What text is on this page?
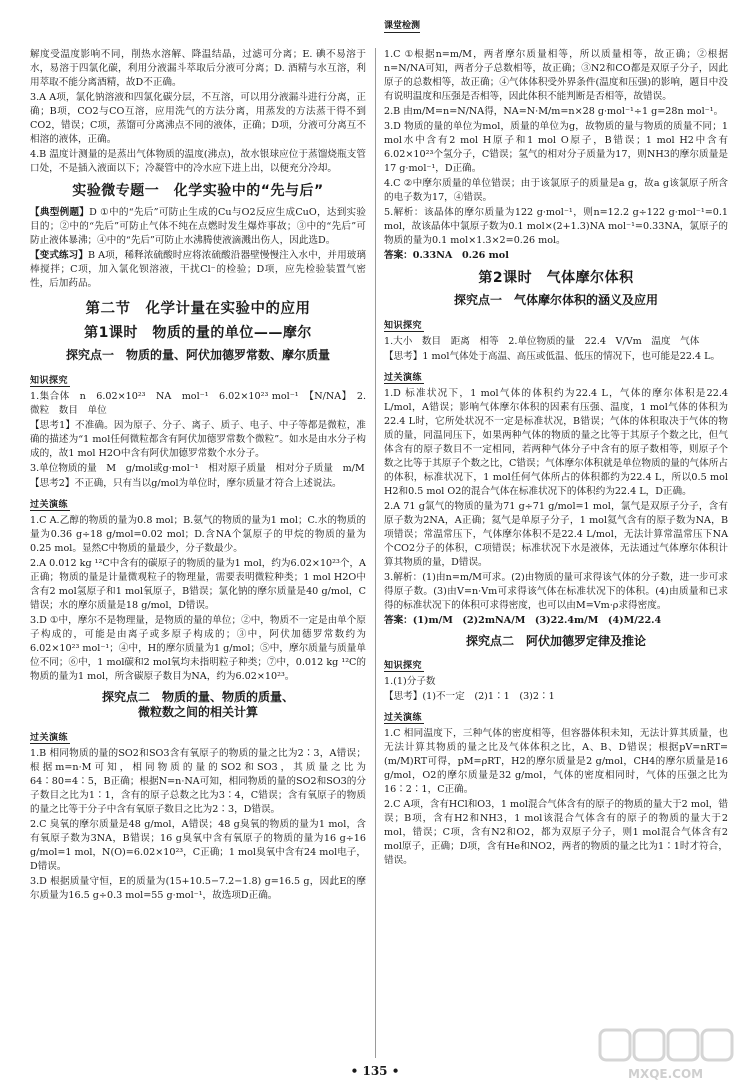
课堂检测

解度受温度影响不同，削热水溶解、降温结晶，过滤可分离；E. 碘不易溶于水，易溶于四氯化碳，利用分液漏斗萃取后分液可分离；D. 酒精与水互溶，利用萃取不能分离酒精，故D不正确。

3.A A项，氯化钠溶液和四氯化碳分层，不互溶，可以用分液漏斗进行分离，正确；B项，CO2与CO互溶，应用洗气的方法分离，用蒸发的方法蒸干得不到CO2，错误；C项，蒸馏可分离沸点不同的液体，正确；D项，分液可分离互不相溶的液体，正确。

4.B 温度计测量的是蒸出气体物质的温度(沸点)，故水银球应位于蒸馏烧瓶支管口处，不是插入液面以下；冷凝管中的冷水应下进上出，以便充分冷却。

实验微专题一　化学实验中的“先与后”

【典型例题】D ①中的“先后”可防止生成的Cu与O2反应生成CuO，达到实验目的；②中的“先后”可防止气体不纯在点燃时发生爆炸事故；③中的“先后”可防止液体暴沸；④中的“先后”可防止水沸腾使液滴溅出伤人，因此选D。

【变式练习】B A项，稀释浓硫酸时应将浓硫酸沿器壁慢慢注入水中，并用玻璃棒搅拌；C项，加入氯化钡溶液，干扰Cl⁻的检验；D项，应先检验装置气密性，后加药品。

第二节　化学计量在实验中的应用
第1课时　物质的量的单位——摩尔
探究点一　物质的量、阿伏加德罗常数、摩尔质量
知识探究

1.集合体　n　6.02×10²³　NA　mol⁻¹　6.02×10²³ mol⁻¹　【N/NA】　2.微粒　数目　单位

【思考1】不准确。因为原子、分子、离子、质子、电子、中子等都是微粒，准确的描述为“1 mol任何微粒都含有阿伏加德罗常数个微粒”。如水是由水分子构成的，故1 mol H2O中含有阿伏加德罗常数个水分子。

3.单位物质的量　M　g/mol或g·mol⁻¹　相对原子质量　相对分子质量　m/M

【思考2】不正确，只有当以g/mol为单位时，摩尔质量才符合上述说法。

过关演练

1.C A.乙醇的物质的量为0.8 mol；B.氨气的物质的量为1 mol；C.水的物质的量为0.36 g÷18 g/mol=0.02 mol；D.含NA个氯原子的甲烷的物质的量为0.25 mol。显然C中物质的量最少，分子数最少。

2.A 0.012 kg ¹²C中含有的碳原子的物质的量为1 mol，约为6.02×10²³个，A正确；物质的量是计量微观粒子的物理量，需要表明微粒种类；1 mol H2O中含有2 mol氢原子和1 mol氧原子，B错误；氯化钠的摩尔质量是40 g/mol，C错误；水的摩尔质量是18 g/mol，D错误。

3.D ①中，摩尔不是物理量，是物质的量的单位；②中，物质不一定是由单个原子构成的，可能是由离子或多原子构成的；③中，阿伏加德罗常数约为6.02×10²³ mol⁻¹；④中，H的摩尔质量为1 g/mol；⑤中，摩尔质量与质量单位不同；⑥中，1 mol碳和2 mol氧均未指明粒子种类；⑦中，0.012 kg ¹²C的物质的量为1 mol，所含碳原子数目为NA，约为6.02×10²³。

探究点二　物质的量、物质的质量、
微粒数之间的相关计算
过关演练

1.B 相同物质的量的SO2和SO3含有氧原子的物质的量之比为2∶3，A错误；根据m=n·M可知，相同物质的量的SO2和SO3，其质量之比为64∶80=4∶5，B正确；根据N=n·NA可知，相同物质的量的SO2和SO3的分子数目之比为1∶1，含有的原子总数之比为3∶4，C错误；含有氧原子的物质的量之比等于分子中含有氧原子数目之比为2∶3，D错误。

2.C 臭氧的摩尔质量是48 g/mol，A错误；48 g臭氧的物质的量为1 mol，含有氧原子数为3NA，B错误；16 g臭氧中含有氧原子的物质的量为16 g÷16 g/mol=1 mol，N(O)=6.02×10²³，C正确；1 mol臭氧中含有24 mol电子，D错误。

3.D 根据质量守恒，E的质量为(15+10.5−7.2−1.8) g=16.5 g，因此E的摩尔质量为16.5 g÷0.3 mol=55 g·mol⁻¹，故选项D正确。

1.C ①根据n=m/M，两者摩尔质量相等，所以质量相等，故正确；②根据n=N/NA可知，两者分子总数相等，故正确；③N2和CO都是双原子分子，因此原子的总数相等，故正确；④气体体积受外界条件(温度和压强)的影响，题目中没有说明温度和压强是否相等，因此体积不能判断是否相等，故错误。

2.B 由m/M=n=N/NA得，NA=N·M/m=n×28 g·mol⁻¹÷1 g=28n mol⁻¹。

3.D 物质的量的单位为mol，质量的单位为g，故物质的量与物质的质量不同；1 mol水中含有2 mol H原子和1 mol O原子，B错误；1 mol H2中含有6.02×10²³个氢分子，C错误；氢气的相对分子质量为17，则NH3的摩尔质量是17 g·mol⁻¹，D正确。

4.C ②中摩尔质量的单位错误；由于该氯原子的质量是a g，故a g该氯原子所含的电子数为17，④错误。

5.解析：该晶体的摩尔质量为122 g·mol⁻¹，则n=12.2 g÷122 g·mol⁻¹=0.1 mol，故该晶体中氯原子数为0.1 mol×(2+1.3)NA mol⁻¹=0.33NA，氯原子的物质的量为0.1 mol×1.3×2=0.26 mol。

答案：0.33NA　0.26 mol

第2课时　气体摩尔体积
探究点一　气体摩尔体积的涵义及应用
知识探究

1.大小　数目　距离　相等　2.单位物质的量　22.4　V/Vm　温度　气体

【思考】1 mol气体处于高温、高压或低温、低压的情况下，也可能是22.4 L。

过关演练

1.D 标准状况下，1 mol气体的体积约为22.4 L，气体的摩尔体积是22.4 L/mol，A错误；影响气体摩尔体积的因素有压强、温度，1 mol气体的体积为22.4 L时，它所处状况不一定是标准状况，B错误；气体的体积取决于气体的物质的量，同温同压下，如果两种气体的物质的量之比等于其原子个数之比，但气体含有的原子数目不一定相同，若两种气体分子中含有的原子数相等，则原子个数之比等于其原子个数之比，C错误；气体摩尔体积就是单位物质的量的气体所占的体积，标准状况下，1 mol任何气体所占的体积都约为22.4 L，所以0.5 mol H2和0.5 mol O2的混合气体在标准状况下的体积约为22.4 L，D正确。

2.A 71 g氯气的物质的量为71 g÷71 g/mol=1 mol，氯气是双原子分子，含有原子数为2NA，A正确；氦气是单原子分子，1 mol氦气含有的原子数为NA，B项错误；常温常压下，气体摩尔体积不是22.4 L/mol，无法计算常温常压下NA个CO2分子的体积，C项错误；标准状况下水是液体，无法通过气体摩尔体积计算其物质的量，D错误。

3.解析：(1)由n=m/M可求。(2)由物质的量可求得该气体的分子数，进一步可求得原子数。(3)由V=n·Vm可求得该气体在标准状况下的体积。(4)由质量和已求得的标准状况下的体积可求得密度，也可以由M=Vm·ρ求得密度。

答案：(1)m/M　(2)2mNA/M　(3)22.4m/M　(4)M/22.4

探究点二　阿伏加德罗定律及推论
知识探究

1.(1)分子数

【思考】(1)不一定　(2)1∶1　(3)2∶1

过关演练

1.C 相同温度下，三种气体的密度相等，但容器体积未知，无法计算其质量，也无法计算其物质的量之比及气体体积之比，A、B、D错误；根据pV=nRT=(m/M)RT可得，pM=ρRT，H2的摩尔质量是2 g/mol，CH4的摩尔质量是16 g/mol，O2的摩尔质量是32 g/mol，气体的密度相同时，气体的压强之比为16∶2∶1，C正确。

2.C A项，含有HCl和O3，1 mol混合气体含有的原子的物质的量大于2 mol，错误；B项，含有H2和NH3，1 mol该混合气体含有的原子的物质的量大于2 mol，错误；C项，含有N2和O2，都为双原子分子，则1 mol混合气体含有2 mol原子，正确；D项，含有He和NO2，两者的物质的量之比为1∶1时才符合，错误。

• 135 •	MXQE.COM
